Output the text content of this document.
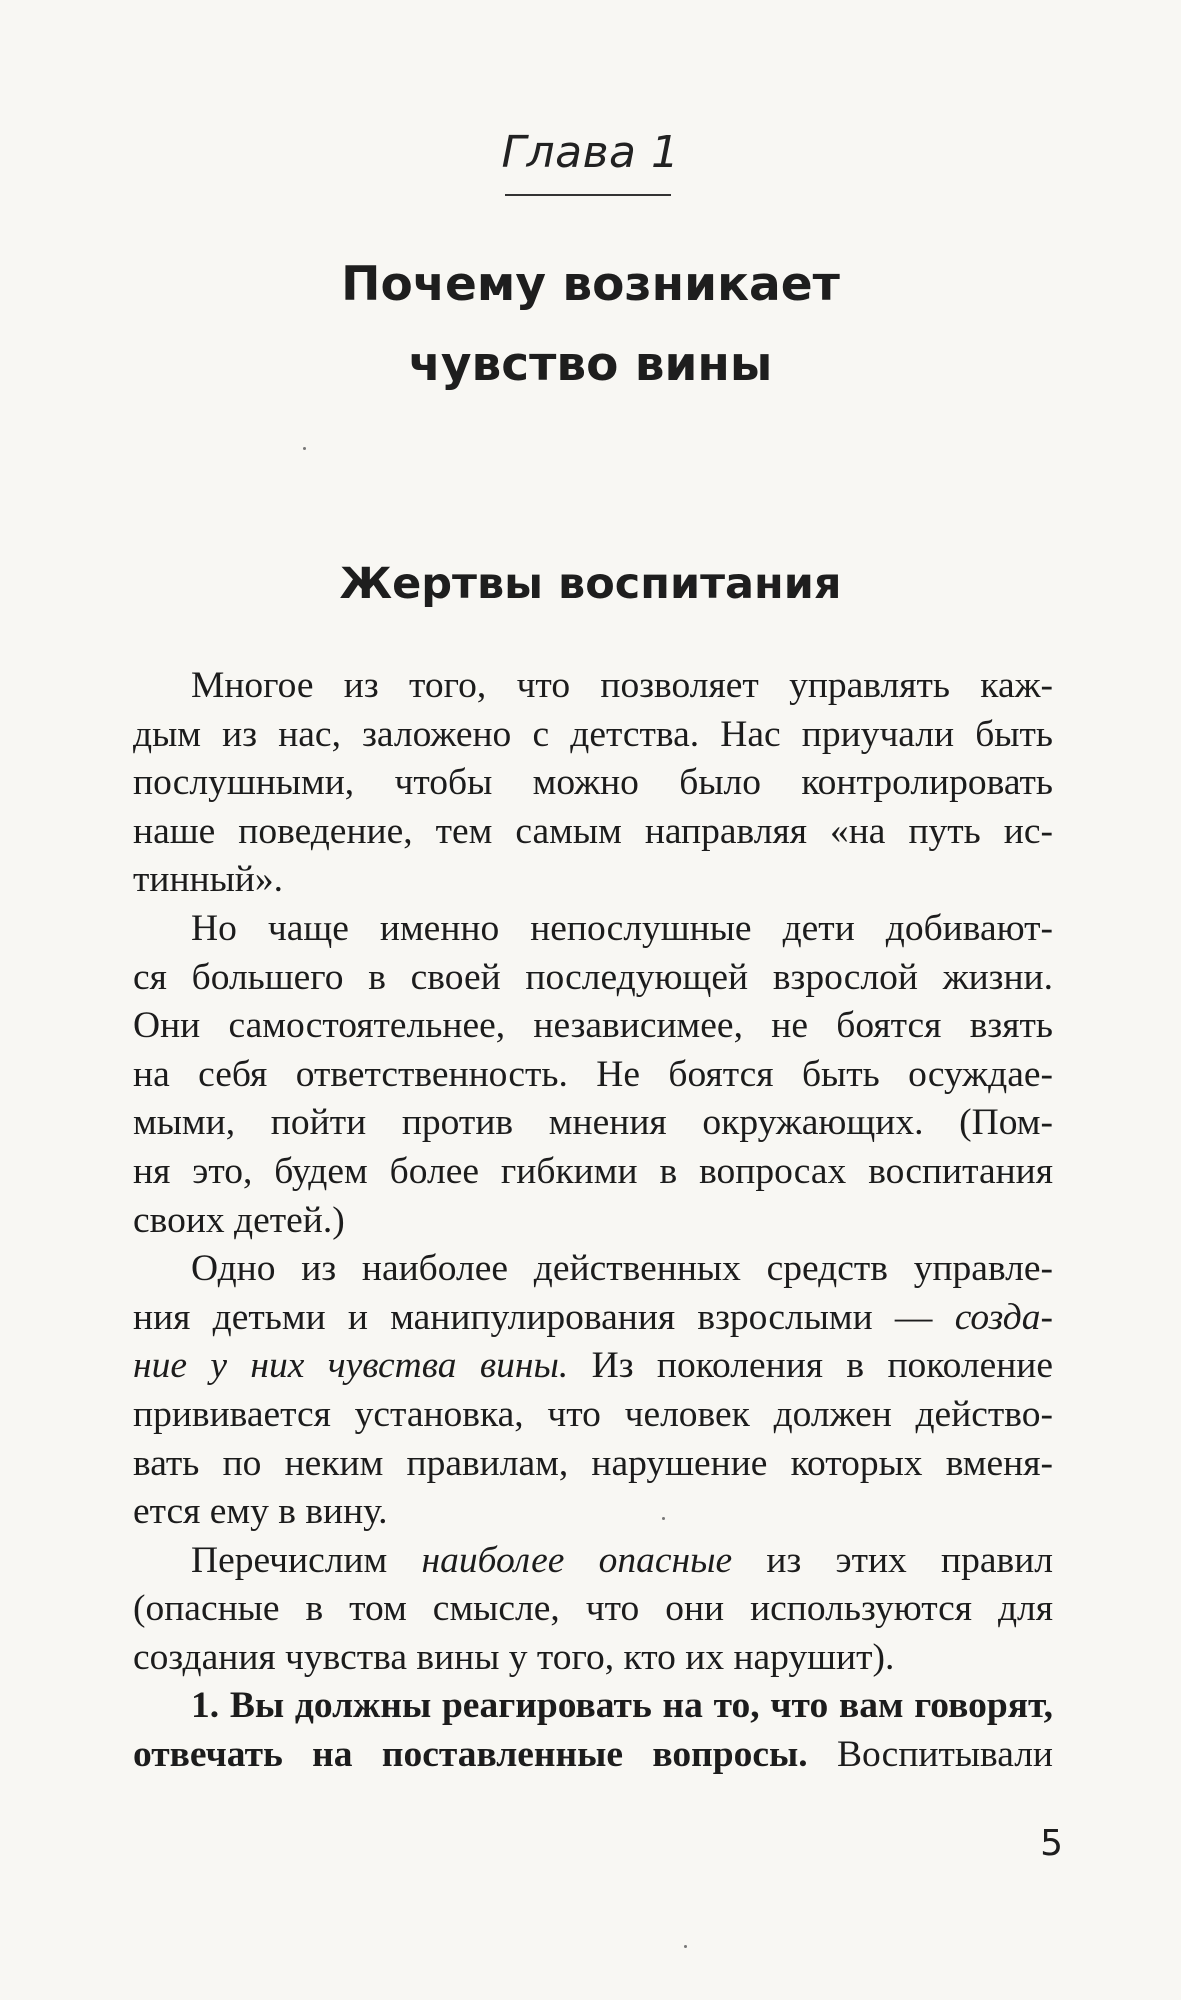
Глава 1
Почему возникает
чувство вины
Жертвы воспитания
Многое из того, что позволяет управлять каж-
дым из нас, заложено с детства. Нас приучали быть
послушными, чтобы можно было контролировать
наше поведение, тем самым направляя «на путь ис-
тинный».
Но чаще именно непослушные дети добивают-
ся большего в своей последующей взрослой жизни.
Они самостоятельнее, независимее, не боятся взять
на себя ответственность. Не боятся быть осуждае-
мыми, пойти против мнения окружающих. (Пом-
ня это, будем более гибкими в вопросах воспитания
своих детей.)
Одно из наиболее действенных средств управле-
ния детьми и манипулирования взрослыми — созда-
ние у них чувства вины. Из поколения в поколение
прививается установка, что человек должен действо-
вать по неким правилам, нарушение которых вменя-
ется ему в вину.
Перечислим наиболее опасные из этих правил
(опасные в том смысле, что они используются для
создания чувства вины у того, кто их нарушит).
1. Вы должны реагировать на то, что вам говорят,
отвечать на поставленные вопросы. Воспитывали
5
